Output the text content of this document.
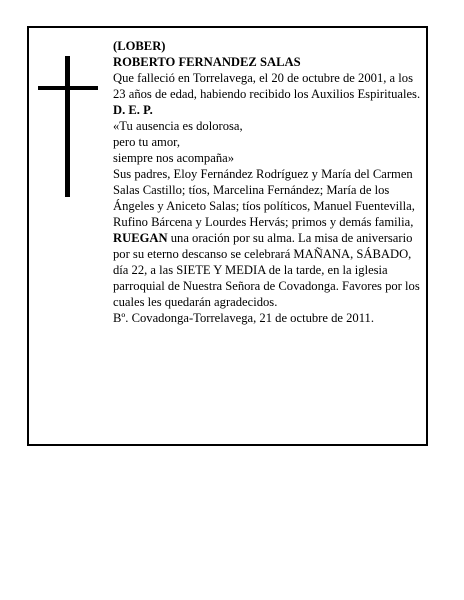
(LOBER)

ROBERTO FERNANDEZ SALAS

Que falleció en Torrelavega, el 20 de octubre de 2001, a los 23 años de edad, habiendo recibido los Auxilios Espirituales.

D. E. P.

«Tu ausencia es dolorosa,

pero tu amor,

siempre nos acompaña»

Sus padres, Eloy Fernández Rodríguez y María del Carmen Salas Castillo; tíos, Marcelina Fernández; María de los Ángeles y Aniceto Salas; tíos políticos, Manuel Fuentevilla, Rufino Bárcena y Lourdes Hervás; primos y demás familia,

RUEGAN una oración por su alma. La misa de aniversario por su eterno descanso se celebrará MAÑANA, SÁBADO, día 22, a las SIETE Y MEDIA de la tarde, en la iglesia parroquial de Nuestra Señora de Covadonga. Favores por los cuales les quedarán agradecidos.

Bº. Covadonga-Torrelavega, 21 de octubre de 2011.
